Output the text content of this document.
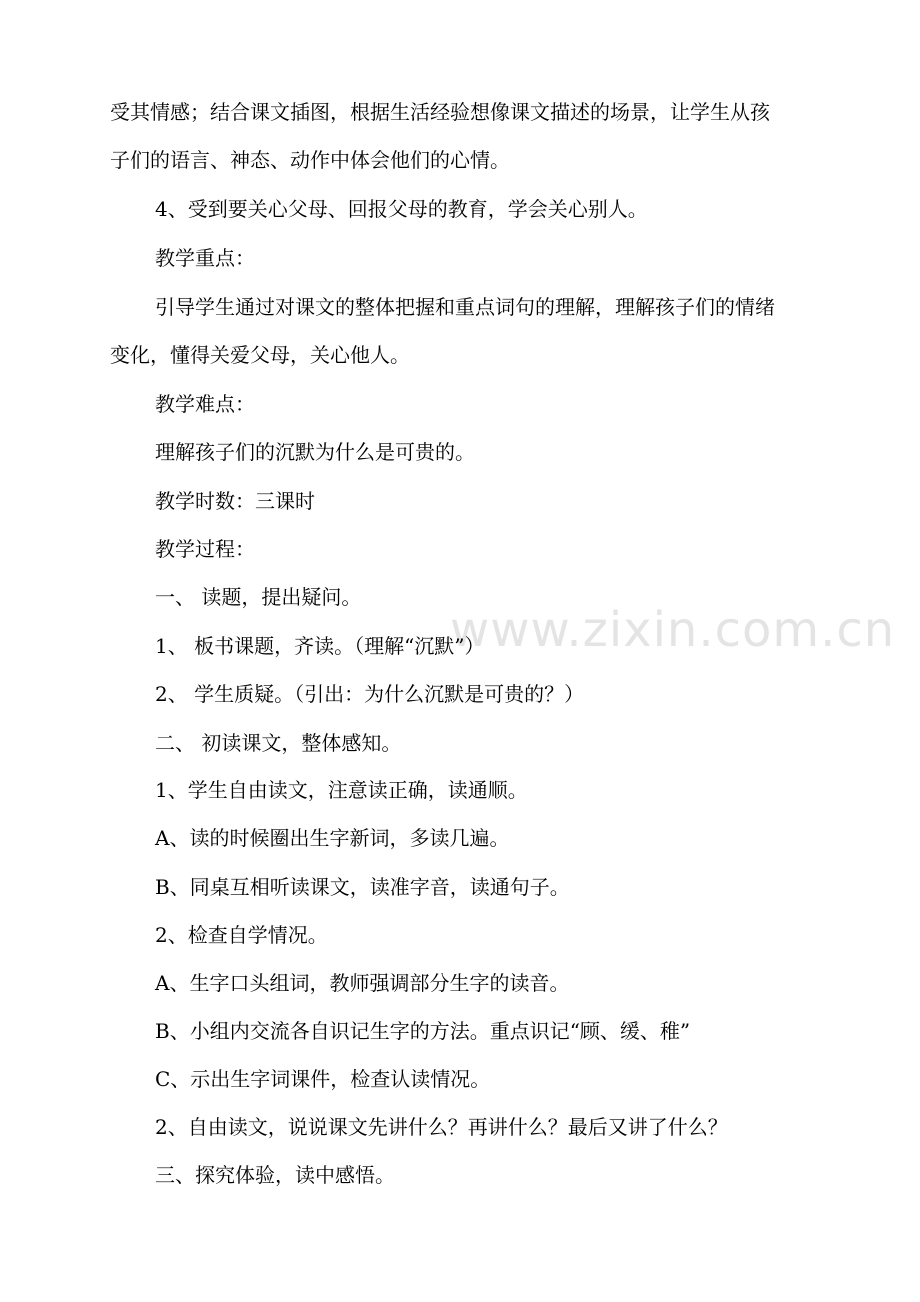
www.zixin.com.cn
受其情感；结合课文插图，根据生活经验想像课文描述的场景，让学生从孩
子们的语言、神态、动作中体会他们的心情。
4、受到要关心父母、回报父母的教育，学会关心别人。
教学重点：
引导学生通过对课文的整体把握和重点词句的理解，理解孩子们的情绪
变化，懂得关爱父母，关心他人。
教学难点：
理解孩子们的沉默为什么是可贵的。
教学时数：三课时
教学过程：
一、 读题，提出疑问。
1、 板书课题，齐读。（理解“沉默”）
2、 学生质疑。（引出：为什么沉默是可贵的？）
二、 初读课文，整体感知。
1、学生自由读文，注意读正确，读通顺。
A、读的时候圈出生字新词，多读几遍。
B、同桌互相听读课文，读准字音，读通句子。
2、检查自学情况。
A、生字口头组词，教师强调部分生字的读音。
B、小组内交流各自识记生字的方法。重点识记“顾、缓、稚”
C、示出生字词课件，检查认读情况。
2、自由读文，说说课文先讲什么？再讲什么？最后又讲了什么？
三、探究体验，读中感悟。
